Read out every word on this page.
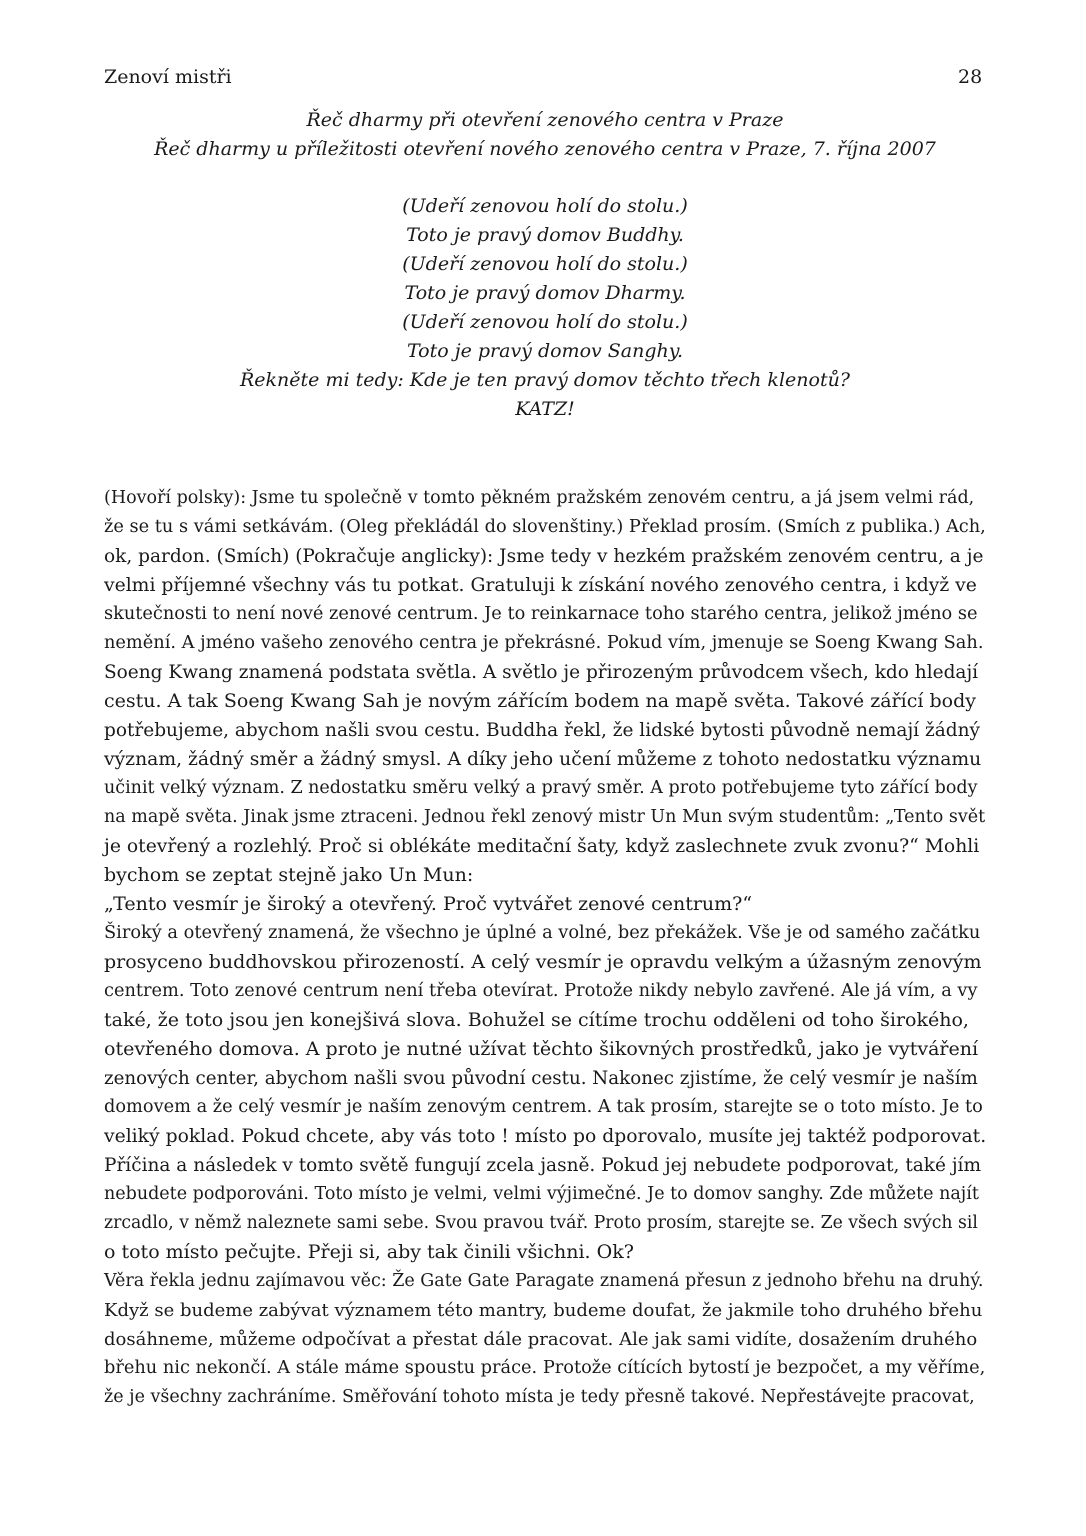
Zenoví mistři	28
Řeč dharmy při otevření zenového centra v Praze
Řeč dharmy u příležitosti otevření nového zenového centra v Praze, 7. října 2007
(Udeří zenovou holí do stolu.)
Toto je pravý domov Buddhy.
(Udeří zenovou holí do stolu.)
Toto je pravý domov Dharmy.
(Udeří zenovou holí do stolu.)
Toto je pravý domov Sanghy.
Řekněte mi tedy: Kde je ten pravý domov těchto třech klenotů?
KATZ!
(Hovoří polsky): Jsme tu společně v tomto pěkném pražském zenovém centru, a já jsem velmi rád,
že se tu s vámi setkávám. (Oleg překládál do slovenštiny.) Překlad prosím. (Smích z publika.) Ach,
ok, pardon. (Smích) (Pokračuje anglicky): Jsme tedy v hezkém pražském zenovém centru, a je
velmi příjemné všechny vás tu potkat. Gratuluji k získání nového zenového centra, i když ve
skutečnosti to není nové zenové centrum. Je to reinkarnace toho starého centra, jelikož jméno se
nemění. A jméno vašeho zenového centra je překrásné. Pokud vím, jmenuje se Soeng Kwang Sah.
Soeng Kwang znamená podstata světla. A světlo je přirozeným průvodcem všech, kdo hledají
cestu. A tak Soeng Kwang Sah je novým zářícím bodem na mapě světa. Takové zářící body
potřebujeme, abychom našli svou cestu. Buddha řekl, že lidské bytosti původně nemají žádný
význam, žádný směr a žádný smysl. A díky jeho učení můžeme z tohoto nedostatku významu
učinit velký význam. Z nedostatku směru velký a pravý směr. A proto potřebujeme tyto zářící body
na mapě světa. Jinak jsme ztraceni. Jednou řekl zenový mistr Un Mun svým studentům: „Tento svět
je otevřený a rozlehlý. Proč si oblékáte meditační šaty, když zaslechnete zvuk zvonu?“ Mohli
bychom se zeptat stejně jako Un Mun:
„Tento vesmír je široký a otevřený. Proč vytvářet zenové centrum?“
Široký a otevřený znamená, že všechno je úplné a volné, bez překážek. Vše je od samého začátku
prosyceno buddhovskou přirozeností. A celý vesmír je opravdu velkým a úžasným zenovým
centrem. Toto zenové centrum není třeba otevírat. Protože nikdy nebylo zavřené. Ale já vím, a vy
také, že toto jsou jen konejšivá slova. Bohužel se cítíme trochu odděleni od toho širokého,
otevřeného domova. A proto je nutné užívat těchto šikovných prostředků, jako je vytváření
zenových center, abychom našli svou původní cestu. Nakonec zjistíme, že celý vesmír je naším
domovem a že celý vesmír je naším zenovým centrem. A tak prosím, starejte se o toto místo. Je to
veliký poklad. Pokud chcete, aby vás toto ! místo po dporovalo, musíte jej taktéž podporovat.
Příčina a následek v tomto světě fungují zcela jasně. Pokud jej nebudete podporovat, také jím
nebudete podporováni. Toto místo je velmi, velmi výjimečné. Je to domov sanghy. Zde můžete najít
zrcadlo, v němž naleznete sami sebe. Svou pravou tvář. Proto prosím, starejte se. Ze všech svých sil
o toto místo pečujte. Přeji si, aby tak činili všichni. Ok?
Věra řekla jednu zajímavou věc: Že Gate Gate Paragate znamená přesun z jednoho břehu na druhý.
Když se budeme zabývat významem této mantry, budeme doufat, že jakmile toho druhého břehu
dosáhneme, můžeme odpočívat a přestat dále pracovat. Ale jak sami vidíte, dosažením druhého
břehu nic nekončí. A stále máme spoustu práce. Protože cítících bytostí je bezpočet, a my věříme,
že je všechny zachráníme. Směřování tohoto místa je tedy přesně takové. Nepřestávejte pracovat,
